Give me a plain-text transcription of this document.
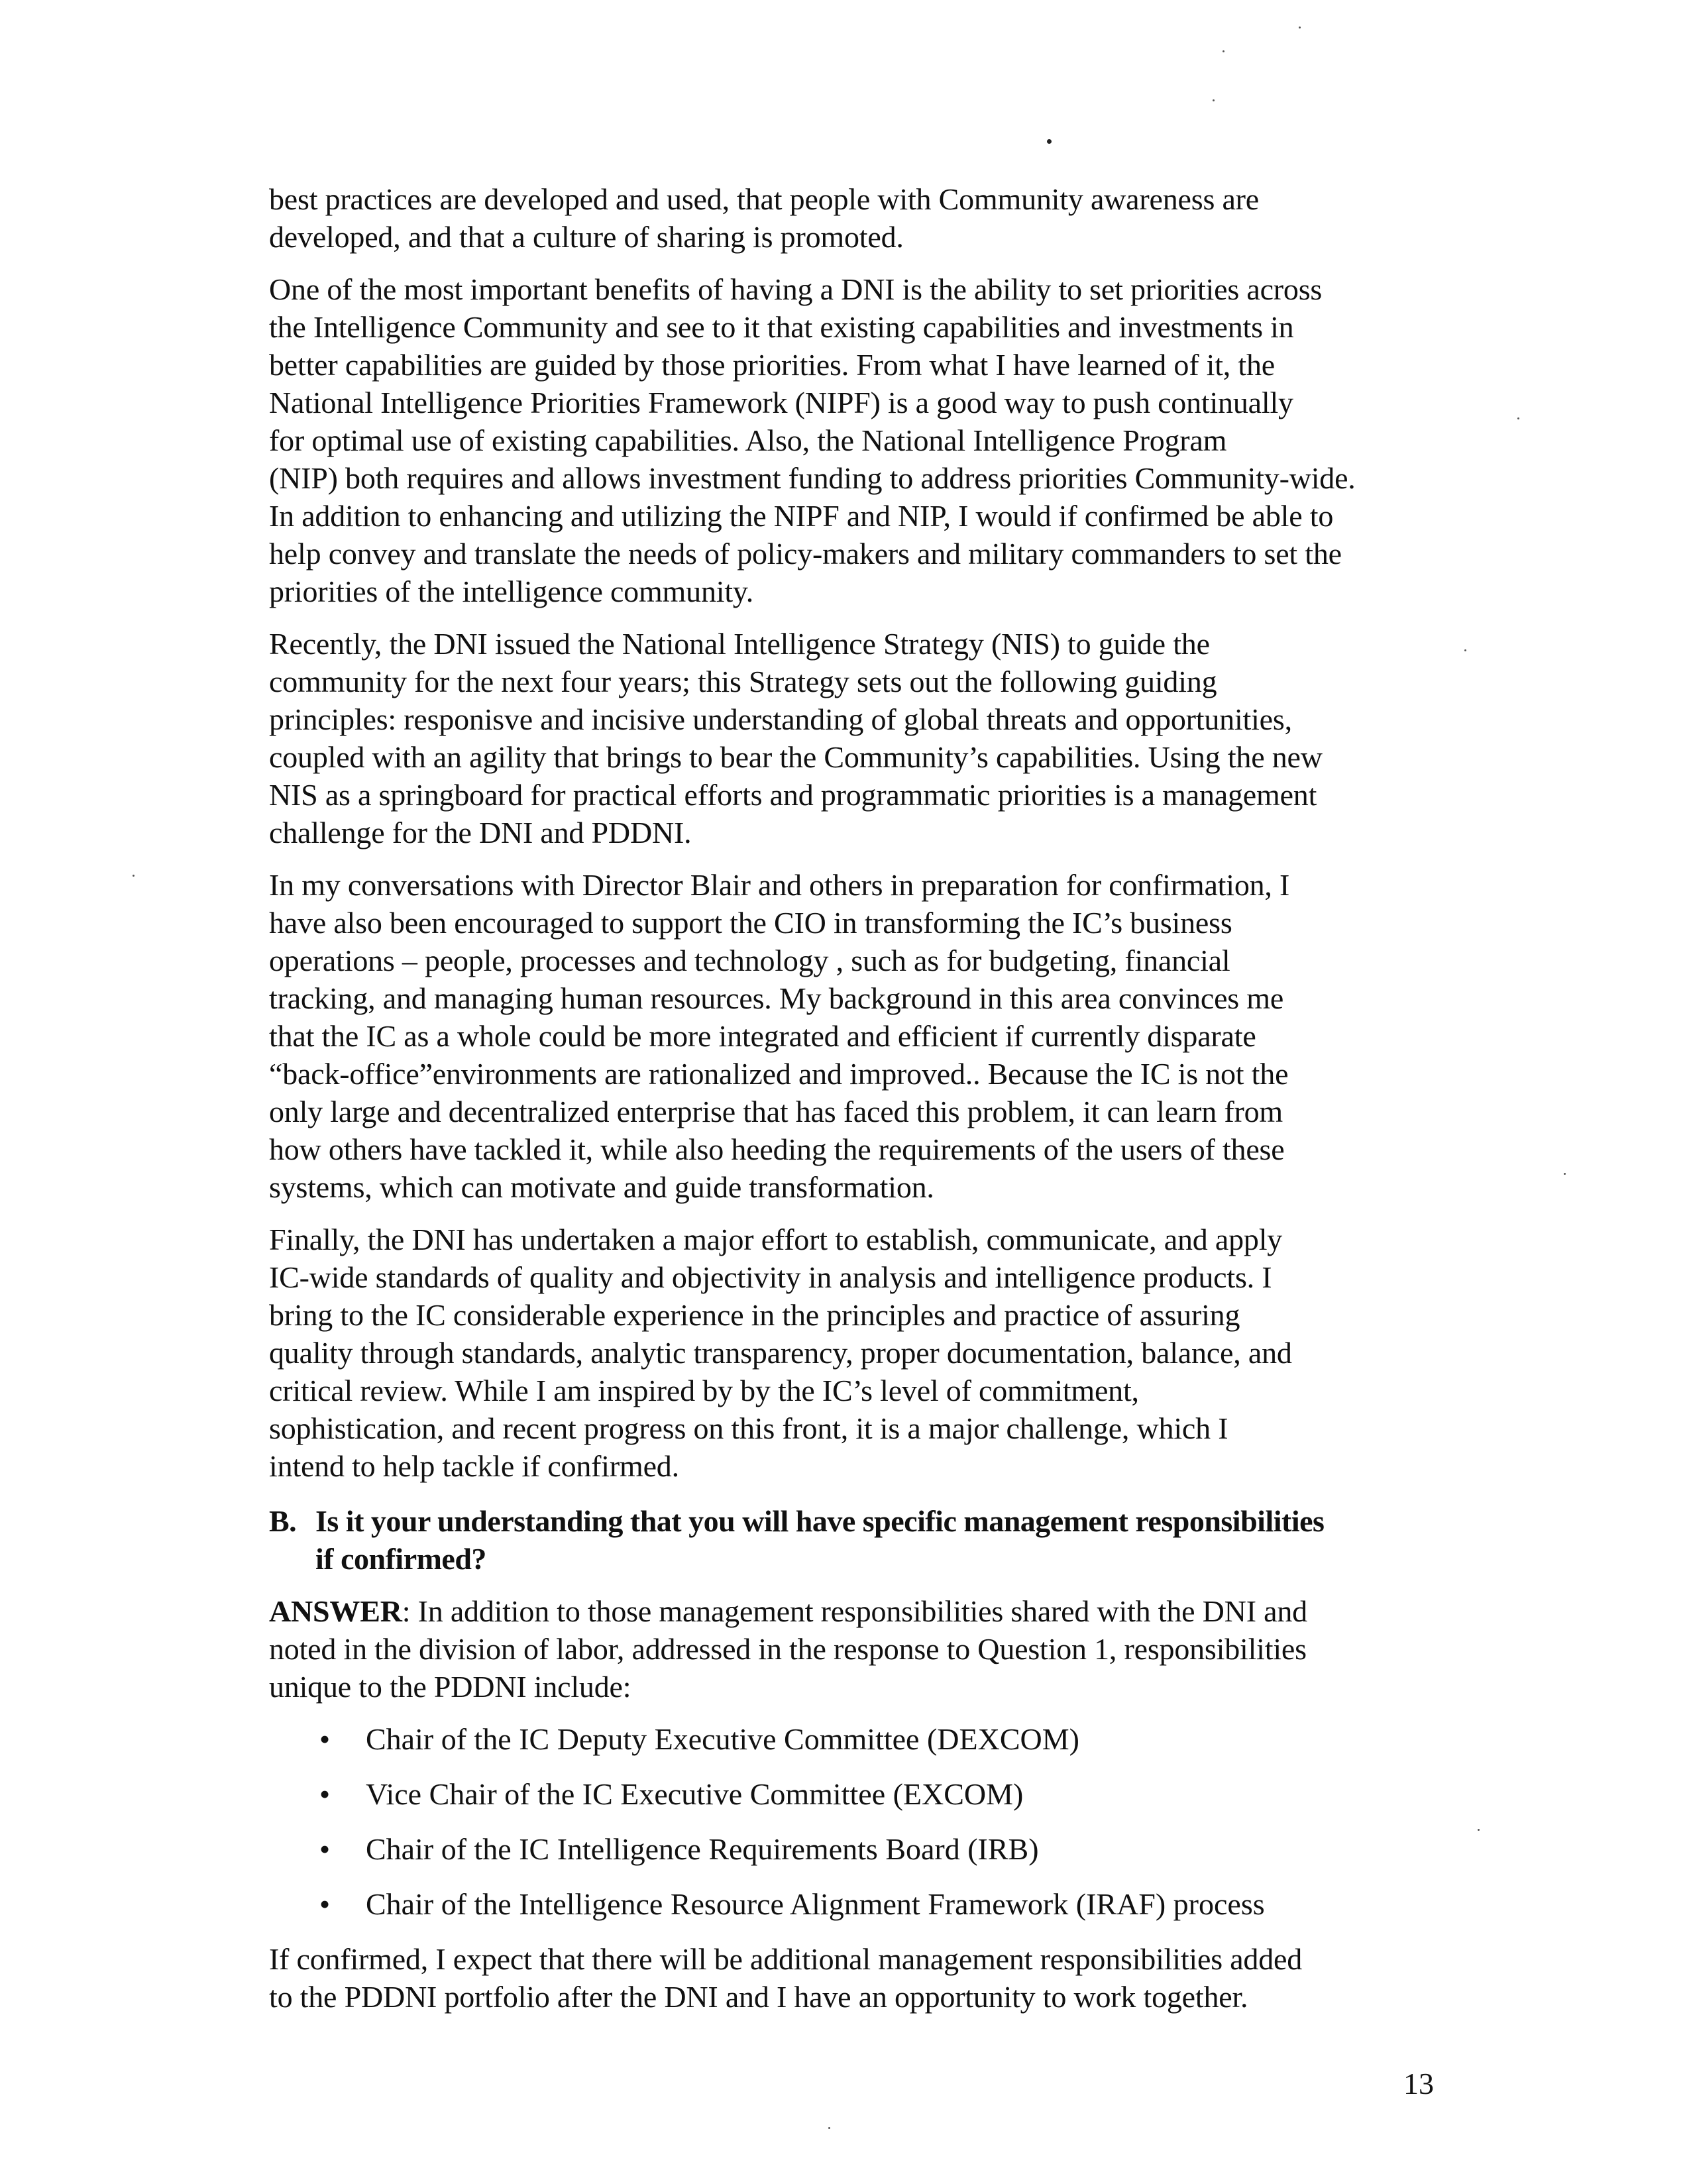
best practices are developed and used, that people with Community awareness are
developed, and that a culture of sharing is promoted.

One of the most important benefits of having a DNI is the ability to set priorities across
the Intelligence Community and see to it that existing capabilities and investments in
better capabilities are guided by those priorities. From what I have learned of it, the
National Intelligence Priorities Framework (NIPF) is a good way to push continually
for optimal use of existing capabilities. Also, the National Intelligence Program
(NIP) both requires and allows investment funding to address priorities Community-wide.
In addition to enhancing and utilizing the NIPF and NIP, I would if confirmed be able to
help convey and translate the needs of policy-makers and military commanders to set the
priorities of the intelligence community.

Recently, the DNI issued the National Intelligence Strategy (NIS) to guide the
community for the next four years; this Strategy sets out the following guiding
principles: responisve and incisive understanding of global threats and opportunities,
coupled with an agility that brings to bear the Community’s capabilities. Using the new
NIS as a springboard for practical efforts and programmatic priorities is a management
challenge for the DNI and PDDNI.

In my conversations with Director Blair and others in preparation for confirmation, I
have also been encouraged to support the CIO in transforming the IC’s business
operations – people, processes and technology , such as for budgeting, financial
tracking, and managing human resources. My background in this area convinces me
that the IC as a whole could be more integrated and efficient if currently disparate
“back-office”environments are rationalized and improved.. Because the IC is not the
only large and decentralized enterprise that has faced this problem, it can learn from
how others have tackled it, while also heeding the requirements of the users of these
systems, which can motivate and guide transformation.

Finally, the DNI has undertaken a major effort to establish, communicate, and apply
IC-wide standards of quality and objectivity in analysis and intelligence products. I
bring to the IC considerable experience in the principles and practice of assuring
quality through standards, analytic transparency, proper documentation, balance, and
critical review. While I am inspired by by the IC’s level of commitment,
sophistication, and recent progress on this front, it is a major challenge, which I
intend to help tackle if confirmed.

B. Is it your understanding that you will have specific management responsibilities
if confirmed?

ANSWER: In addition to those management responsibilities shared with the DNI and
noted in the division of labor, addressed in the response to Question 1, responsibilities
unique to the PDDNI include:

• Chair of the IC Deputy Executive Committee (DEXCOM)
• Vice Chair of the IC Executive Committee (EXCOM)
• Chair of the IC Intelligence Requirements Board (IRB)
• Chair of the Intelligence Resource Alignment Framework (IRAF) process

If confirmed, I expect that there will be additional management responsibilities added
to the PDDNI portfolio after the DNI and I have an opportunity to work together.

13
